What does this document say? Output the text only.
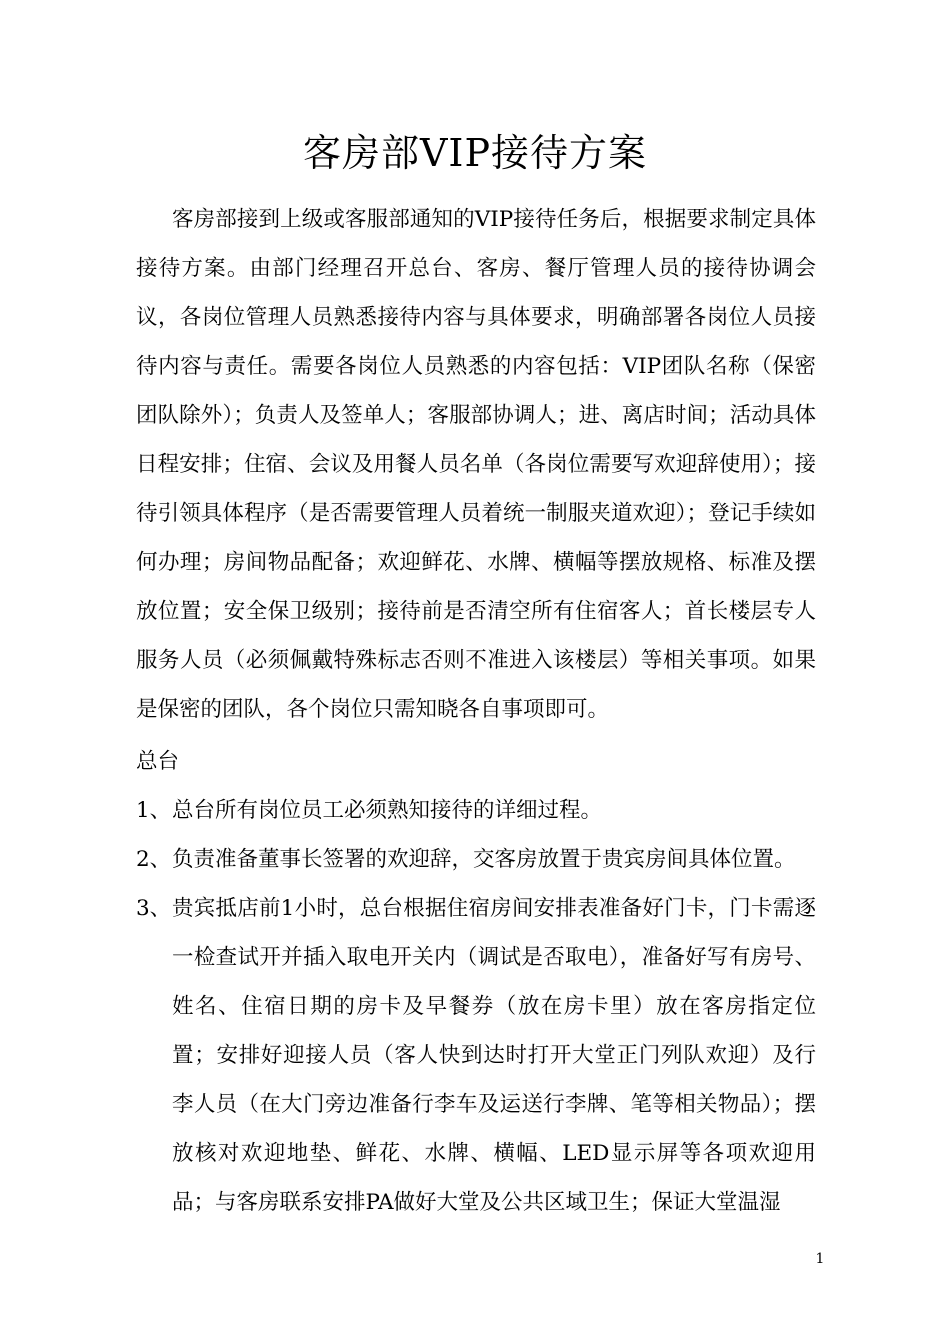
客房部VIP接待方案

客房部接到上级或客服部通知的VIP接待任务后，根据要求制定具体接待方案。由部门经理召开总台、客房、餐厅管理人员的接待协调会议，各岗位管理人员熟悉接待内容与具体要求，明确部署各岗位人员接待内容与责任。需要各岗位人员熟悉的内容包括：VIP团队名称（保密团队除外）；负责人及签单人；客服部协调人；进、离店时间；活动具体日程安排；住宿、会议及用餐人员名单（各岗位需要写欢迎辞使用）；接待引领具体程序（是否需要管理人员着统一制服夹道欢迎）；登记手续如何办理；房间物品配备；欢迎鲜花、水牌、横幅等摆放规格、标准及摆放位置；安全保卫级别；接待前是否清空所有住宿客人；首长楼层专人服务人员（必须佩戴特殊标志否则不准进入该楼层）等相关事项。如果是保密的团队，各个岗位只需知晓各自事项即可。

总台
1、 总台所有岗位员工必须熟知接待的详细过程。
2、 负责准备董事长签署的欢迎辞，交客房放置于贵宾房间具体位置。
3、 贵宾抵店前1小时，总台根据住宿房间安排表准备好门卡，门卡需逐一检查试开并插入取电开关内（调试是否取电），准备好写有房号、姓名、住宿日期的房卡及早餐券（放在房卡里）放在客房指定位置；安排好迎接人员（客人快到达时打开大堂正门列队欢迎）及行李人员（在大门旁边准备行李车及运送行李牌、笔等相关物品）；摆放核对欢迎地垫、鲜花、水牌、横幅、LED显示屏等各项欢迎用品；与客房联系安排PA做好大堂及公共区域卫生；保证大堂温湿
1
